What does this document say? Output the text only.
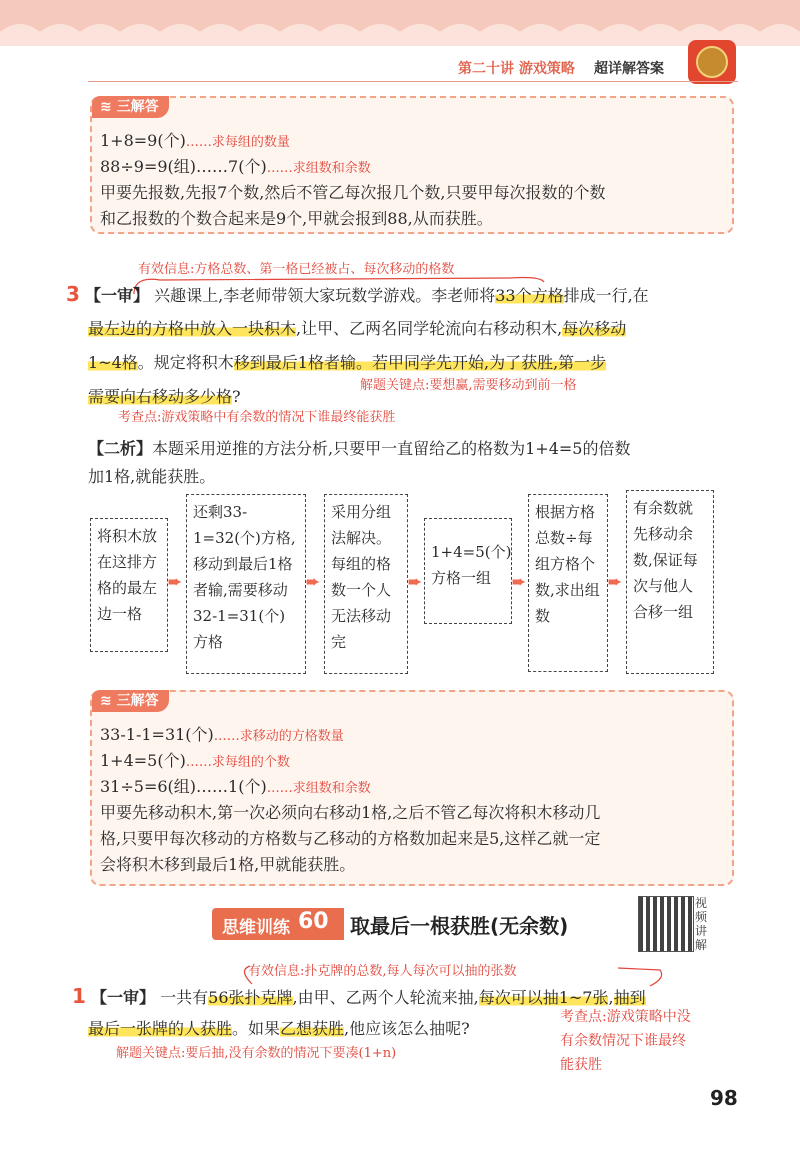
第二十讲 游戏策略 超详解答案
≋ 三解答
1+8=9(个)……求每组的数量
88÷9=9(组)……7(个)……求组数和余数
甲要先报数,先报7个数,然后不管乙每次报几个数,只要甲每次报数的个数
和乙报数的个数合起来是9个,甲就会报到88,从而获胜。
有效信息:方格总数、第一格已经被占、每次移动的格数
3 【一审】 兴趣课上,李老师带领大家玩数学游戏。李老师将33个方格排成一行,在
最左边的方格中放入一块积木,让甲、乙两名同学轮流向右移动积木,每次移动
1~4格。规定将积木移到最后1格者输。若甲同学先开始,为了获胜,第一步
解题关键点:要想赢,需要移动到前一格
需要向右移动多少格?
考查点:游戏策略中有余数的情况下谁最终能获胜
【二析】本题采用逆推的方法分析,只要甲一直留给乙的格数为1+4=5的倍数
加1格,就能获胜。
将积木放在这排方格的最左边一格
➨
还剩33-1=32(个)方格,移动到最后1格者输,需要移动32-1=31(个)方格
➨
采用分组法解决。每组的格数一个人无法移动完
➨
1+4=5(个)方格一组	➨
根据方格总数÷每组方格个数,求出组数
➨
有余数就先移动余数,保证每次与他人合移一组
≋ 三解答
33-1-1=31(个)……求移动的方格数量
1+4=5(个)……求每组的个数
31÷5=6(组)……1(个)……求组数和余数
甲要先移动积木,第一次必须向右移动1格,之后不管乙每次将积木移动几
格,只要甲每次移动的方格数与乙移动的方格数加起来是5,这样乙就一定
会将积木移到最后1格,甲就能获胜。
思维训练 60 取最后一根获胜(无余数)
视频讲解
有效信息:扑克牌的总数,每人每次可以抽的张数
1 【一审】 一共有56张扑克牌,由甲、乙两个人轮流来抽,每次可以抽1~7张,抽到
最后一张牌的人获胜。如果乙想获胜,他应该怎么抽呢?
解题关键点:要后抽,没有余数的情况下要凑(1+n)
考查点:游戏策略中没
有余数情况下谁最终
能获胜
98
